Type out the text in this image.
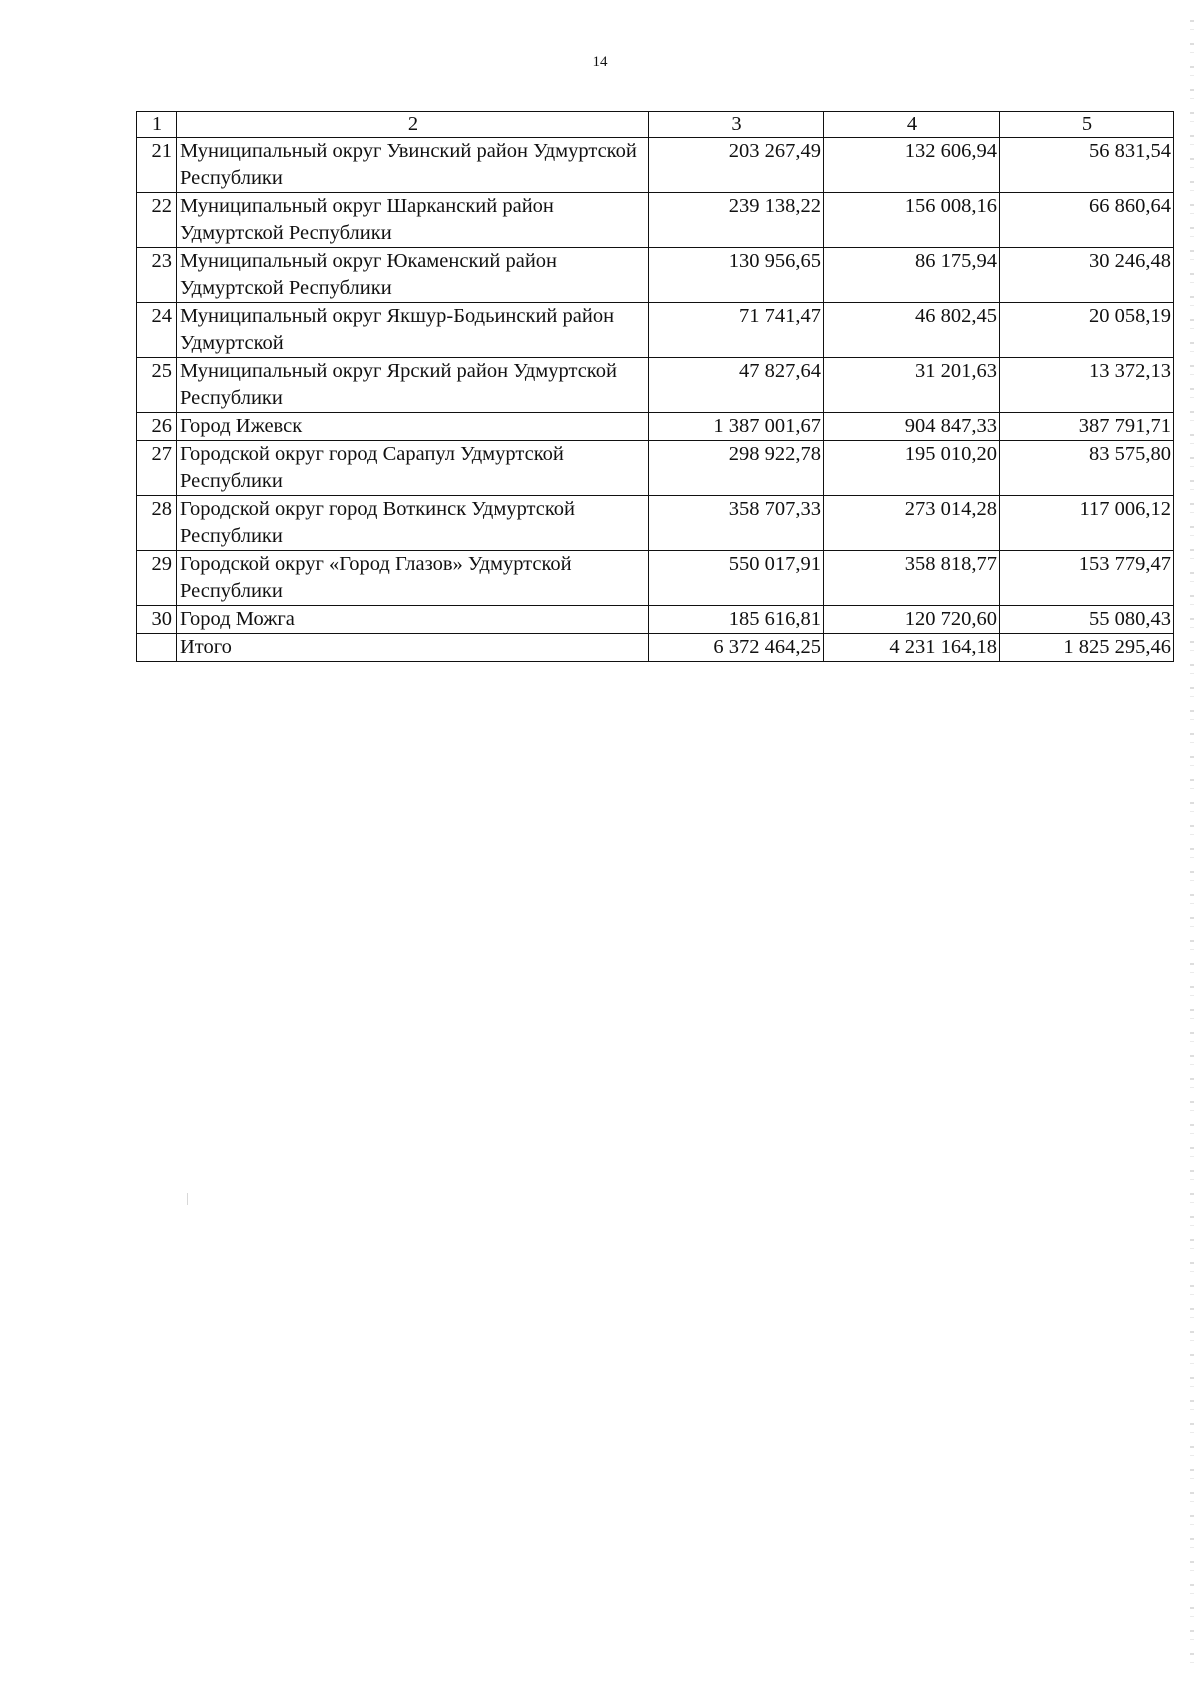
14
1	2	3	4	5
21	Муниципальный округ Увинский район Удмуртской Республики	203 267,49	132 606,94	56 831,54
22	Муниципальный округ Шарканский район Удмуртской Республики	239 138,22	156 008,16	66 860,64
23	Муниципальный округ Юкаменский район Удмуртской Республики	130 956,65	86 175,94	30 246,48
24	Муниципальный округ Якшур-Бодьинский район Удмуртской	71 741,47	46 802,45	20 058,19
25	Муниципальный округ Ярский район Удмуртской Республики	47 827,64	31 201,63	13 372,13
26	Город Ижевск	1 387 001,67	904 847,33	387 791,71
27	Городской округ город Сарапул Удмуртской Республики	298 922,78	195 010,20	83 575,80
28	Городской округ город Воткинск Удмуртской Республики	358 707,33	273 014,28	117 006,12
29	Городской округ «Город Глазов» Удмуртской Республики	550 017,91	358 818,77	153 779,47
30	Город Можга	185 616,81	120 720,60	55 080,43
	Итого	6 372 464,25	4 231 164,18	1 825 295,46
